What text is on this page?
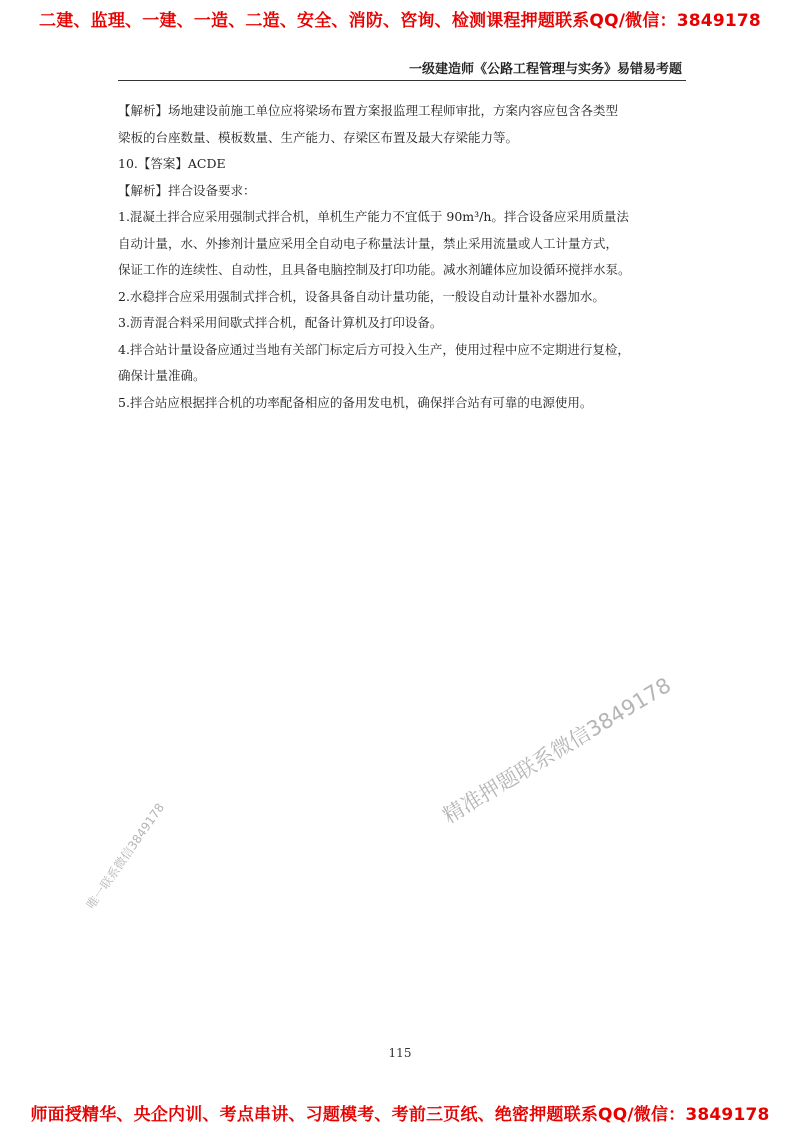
二建、监理、一建、一造、二造、安全、消防、咨询、检测课程押题联系QQ/微信：3849178
一级建造师《公路工程管理与实务》易错易考题

【解析】场地建设前施工单位应将梁场布置方案报监理工程师审批，方案内容应包含各类型

梁板的台座数量、模板数量、生产能力、存梁区布置及最大存梁能力等。

10.【答案】ACDE

【解析】拌合设备要求：

1.混凝土拌合应采用强制式拌合机，单机生产能力不宜低于 90m³/h。拌合设备应采用质量法

自动计量，水、外掺剂计量应采用全自动电子称量法计量，禁止采用流量或人工计量方式，

保证工作的连续性、自动性，且具备电脑控制及打印功能。减水剂罐体应加设循环搅拌水泵。

2.水稳拌合应采用强制式拌合机，设备具备自动计量功能，一般设自动计量补水器加水。

3.沥青混合料采用间歇式拌合机，配备计算机及打印设备。

4.拌合站计量设备应通过当地有关部门标定后方可投入生产，使用过程中应不定期进行复检，

确保计量准确。

5.拌合站应根据拌合机的功率配备相应的备用发电机，确保拌合站有可靠的电源使用。

精准押题联系微信3849178
唯一联系微信3849178
115
师面授精华、央企内训、考点串讲、习题模考、考前三页纸、绝密押题联系QQ/微信：3849178
